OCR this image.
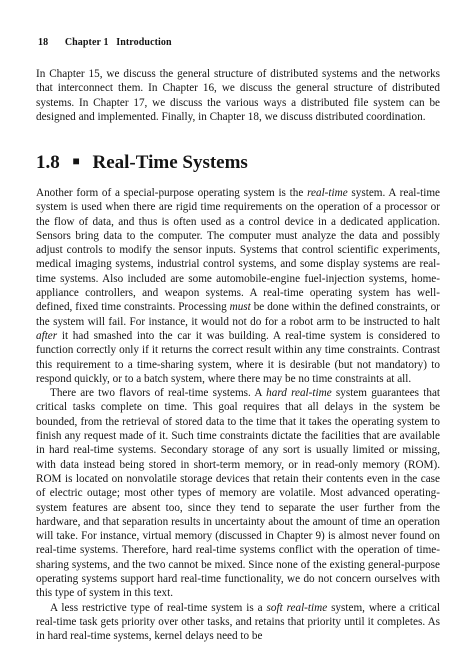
18 Chapter 1 Introduction

In Chapter 15, we discuss the general structure of distributed systems and the networks that interconnect them. In Chapter 16, we discuss the general structure of distributed systems. In Chapter 17, we discuss the various ways a distributed file system can be designed and implemented. Finally, in Chapter 18, we discuss distributed coordination.

1.8 ■ Real-Time Systems

Another form of a special-purpose operating system is the real-time system. A real-time system is used when there are rigid time requirements on the operation of a processor or the flow of data, and thus is often used as a control device in a dedicated application. Sensors bring data to the computer. The computer must analyze the data and possibly adjust controls to modify the sensor inputs. Systems that control scientific experiments, medical imaging systems, industrial control systems, and some display systems are real-time systems. Also included are some automobile-engine fuel-injection systems, home-appliance controllers, and weapon systems. A real-time operating system has well-defined, fixed time constraints. Processing must be done within the defined constraints, or the system will fail. For instance, it would not do for a robot arm to be instructed to halt after it had smashed into the car it was building. A real-time system is considered to function correctly only if it returns the correct result within any time constraints. Contrast this requirement to a time-sharing system, where it is desirable (but not mandatory) to respond quickly, or to a batch system, where there may be no time constraints at all.

There are two flavors of real-time systems. A hard real-time system guarantees that critical tasks complete on time. This goal requires that all delays in the system be bounded, from the retrieval of stored data to the time that it takes the operating system to finish any request made of it. Such time constraints dictate the facilities that are available in hard real-time systems. Secondary storage of any sort is usually limited or missing, with data instead being stored in short-term memory, or in read-only memory (ROM). ROM is located on nonvolatile storage devices that retain their contents even in the case of electric outage; most other types of memory are volatile. Most advanced operating-system features are absent too, since they tend to separate the user further from the hardware, and that separation results in uncertainty about the amount of time an operation will take. For instance, virtual memory (discussed in Chapter 9) is almost never found on real-time systems. Therefore, hard real-time systems conflict with the operation of time-sharing systems, and the two cannot be mixed. Since none of the existing general-purpose operating systems support hard real-time functionality, we do not concern ourselves with this type of system in this text.

A less restrictive type of real-time system is a soft real-time system, where a critical real-time task gets priority over other tasks, and retains that priority until it completes. As in hard real-time systems, kernel delays need to be
